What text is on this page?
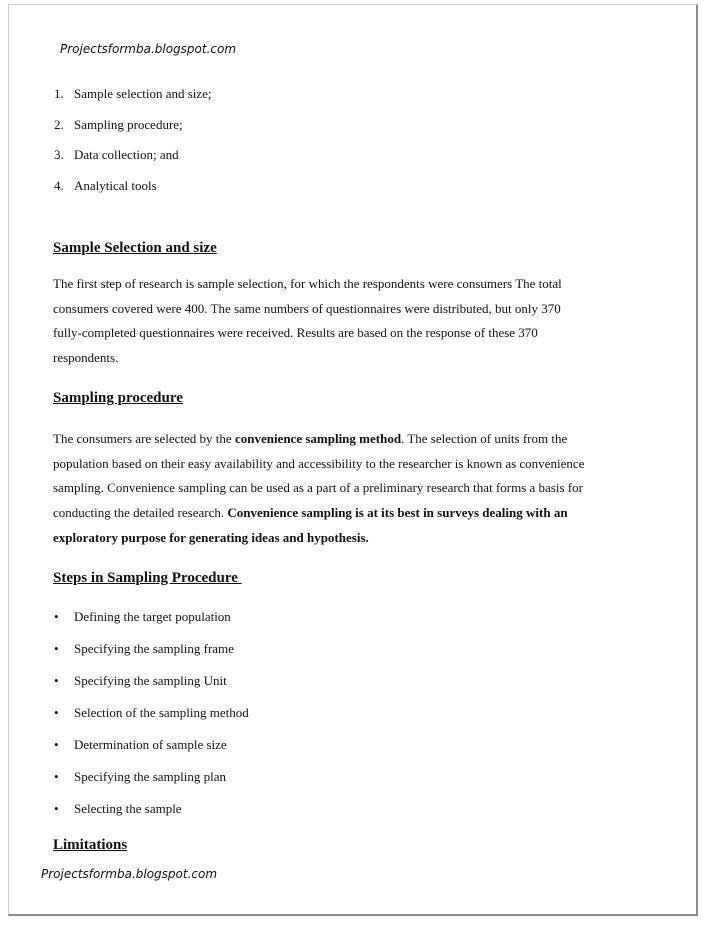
Projectsformba.blogspot.com
1. Sample selection and size;
2. Sampling procedure;
3. Data collection; and
4. Analytical tools
Sample Selection and size
The first step of research is sample selection, for which the respondents were consumers The total
consumers covered were 400. The same numbers of questionnaires were distributed, but only 370
fully-completed questionnaires were received. Results are based on the response of these 370
respondents.
Sampling procedure
The consumers are selected by the convenience sampling method. The selection of units from the
population based on their easy availability and accessibility to the researcher is known as convenience
sampling. Convenience sampling can be used as a part of a preliminary research that forms a basis for
conducting the detailed research. Convenience sampling is at its best in surveys dealing with an
exploratory purpose for generating ideas and hypothesis.
Steps in Sampling Procedure
• Defining the target population
• Specifying the sampling frame
• Specifying the sampling Unit
• Selection of the sampling method
• Determination of sample size
• Specifying the sampling plan
• Selecting the sample
Limitations
Projectsformba.blogspot.com
